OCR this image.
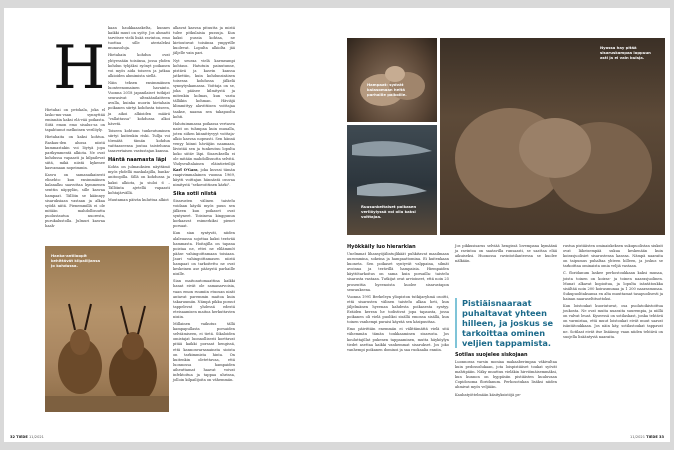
H

Hietahai on petokala, joka el lasko-mu-vaan synnyttää eminnäin kaksi elä-vää poikasta. Siitä emon emo sisalus-sa on tapahtunut melkoinen verilöyly.

Hietahaita on kaksi kohtua. Raskau-den alussa niistä kummastakin voi löytyä jopa parikymmentä alkiota. Ne ovat kohdussa vapaasti ja kilpailevat siitä, mikä niistä kykenee kasvamaan nopeimmin.

Kasvu on samanaikaisesti elinehto: kun ensimmäinen kalanalku saavuttaa kymmenen senttin näppylän, sille kasvaa hampaat. Tällöin se käännyy sisaruksiaan vastaan ja alkaa syödä niitä. Pienemmillä ei ole mitään mahdollisuutta puolustautua nuoresta, purukalustolla. Julmuri kasvaa haah-

kaan haukkaaaskelta, kunnes kaikki muut on syöty. Jos ahmatti tarvitsee vielä lisää ravintoa, emo tuottaa sille aterialeksi munasoluja.

Hietahain kohdun ovat yhtyessään toisiinsa, jossa yhden kohdun tyhjäksi syönyt poikanen voi myös aida toiseen ja jatkaa alkioiden ahmimista siellä.

Näin teksen ensimmäinen luonteenomainen havainto. Vuonna 2018 japanilaiset tutkijat seurasivat ultraäänilaitteen avulla, kuinka nuorin hietahain poikanen siirtyi kohdusta toiseen, ja aikoi alkioiden määrä "vallattassa" kohdussa alkoi hävetä.

Toiseen kohtuun tunkeutuminen siirtyi kuitenkin riski. Tullja voi törmätä tämän kohdun vaittaaseensa joutua taistelunsa tasavertaisen vastustajan kanssa.

Häntä naamasta läpi

Kohta on julmauksien näyttämö myös yhdellä maskalajilla, banka-anitoopilla. Sillä on kohdussa ja kaksi alkiota, ja siuloi 6 – Tällöinta ajetellä vapaasti kohtajärvällä.

Muutaman päivän kuluttua alkiot

alkavat kasvaa pituutta ja mistä tulee pitkulaisia pussuja. Kun kaksi pussia kohtaa, ne kietoutuvat toisiinsa ympyrille kuolevat. Lopulta alkiolta jää jäljelle vain pari.

Nyt seuraa vielä karmeampi kohtaus. Hatutuin painutunne, pistävä ja kasvin kanssa jatkettiin, kuin kohdunsisäisen toisessa kohdussa jälkelä synnytyskamassa. Voittaja on se, joka pääsee kilmitystä ja mitenkin kolmas, kun vasta tälläkin kohman. Häviäjä klimmittyy alavittiisen voittajaa taakse, naama sen takapuolta kohti.

Halutuimmassa poikassa vertasva naist on tuhmpaa kuin muualla, joten siihen kiinnittyvyyt voittaja-alkio kasvaa nopeasti. Sen hännä venyy kiinni häviäjän naamaan, lävistää sen ja tunkeutuu lopulta koko siitäv läpi. Sisaruksella ei ole mitään mahdollisuutta selvitä. Yhdysvaltalainen eläintieteilijä Karl O'Gara, joka kuvasi tämän raapivimmalainen vuonna 1969, käytti voittajan hännästä osuvaa nimitystä "sekovoittinen kärki".

Sika sotii niistä

Sisarusten välinen taistelu voidaan käydä myös puun sen jälkeen kun poikaset ovat syntyneet. Toisinesa kinggunun korkaavat esimerkiksi pienet porsaat.

Kun sian syntyvät, niiden alaleuassa sojottaa kaksi terävää hammasta. Hoitajilla on tapana poistaa ne, ettei ne elilämmöt pääse vahingoittamaan toisiaan. Jauri vahingoittamasen niistä hampaat on tarkoitettu ne ovat keskeinen ase pääsystä parhaille nisille.

Sian maitoautomaattina kaikki hanat eivät ole samanarvoisia, vaan emon ruumiin etuosan nisät antavat paremmin maitoa kuin takaruumiin. Nämpä pikku possut tappelevat yhdessä edestä eteisaamisen maitoa herkuttavien nisiin.

Millainen vaikutus tällä kampapullasta porsaiden selviämiseen, ei tietä. Sikaloiden omistajat luonnollisesti koettavat pitää kaikki porsaat hengissä, että kannonvarsanainsta sioista on tarkimmista hinta. On kuitenkin oletettavaa, että luonnossa hampaiden aiheuttamat haavat voivat infektoitua ja tappaa uhrinsa, jolloin kilpailijoita on vähemmän.

Hanka-antiloopit kehittävät kilpailijansa jo kohdussa.
32 TIEDE 11/2021
Hampaat: sydvät kalasomaan heitä parhaille paikoille.
Ruusunkeltaiset poikasen verilöylyssä voi olla kaksi voittajaa.
Nyossa hay pitää sisaruskampaa loppuun asti ja ei vain bulsja.
Hyökkäily luo hierarkian

Unelmmat lihansyöjälintujlikäät puhkitavat maailmaan aurommina, sokeina ja hampaattomina. Ei kuitenkaan kuoneta. Sen poikaset syntyvät valppaina, silmät avoinna ja terävillä hampaisia. Hiempaiden käyttötarkoitus on sama kuin porsailla: taistelu sisarusta vastaan. Tutkijat ovat arvioineet, että noin 25 prosenttia hyeenoista kuolee sisarustapon seurauksena.

Vuonna 1991 Berkeleyn yliopiston tutkijaryhmä osoitti, että sisarusten välinen taistelu alkaa heti, kun jäljelmänen hyeenan kahdesta poikasesta syntyy. Eräiden kerran he todistivat jopa tapausta, jossa poikanen oli vielä puoliksi sisällä emonsa sisällä, kun toinen vanhempi puraisi käyrää sen käsipuuttaa.

Emo päivittäin enemmän ei välittämättä vielä sitä vähemmän tämän toukkaaminen sisarusta. Jos kouluttajillat pukenen tappaaminen, mutta häyköylyn tiedet asettaa kaikki vanhemmat sisarukset. Jos joko vanhempi poikanen dominoi ja saa ruokaalia enniin.

Jos pikkusisarus selviää hengissä lovempana kymääxä ja ravintoa on saatavilla runsaasti, se saattaa elää aikuiseksi. Huonossa ravintotilanteessa se kuolee nälkään.

Pistiäisnaaraat puhaltavat yhteen hilleen, ja joskus se tarkoittaa ominen veljien tappamista.
Sotilas suojelee siskojaan

Luonnossa varsin moniaa makaaberimpaa väkivaltaa kuin pedosuslukaan, jota loispistiäiset toukat syövät mahtipäiin. Näky muuttuu vieläkin hirviömäisemmäksi, kun kunnon on hyppäsiin pistiäisten kuuluvaan Copidosoma floridanum. Perhosotukan lisäksi niiden ahmivat myös veljiään.

Kaubatyöttelmään käsityksistöjä pe-

rustua pistiäisten ominaiskeksen sukupuolistan siuksit ovat läheisempää sukua keskenään kuin koirasjuolisiet sisarustensa kanssa. Nämpä naaraita on taipumus puhaltaa yhteen hilleen, ja joskus se tarkoittaa ominaista omia veljiä vastaan.

C. floridanum laskee perhostoukkaan kaksi munaa, joista toinen on koiras- ja toinen naarasjuolinen. Munat alkavat kopioitua, ja lopulta isäntätoukka sisältää noin 200 koirasmunaa ja 1 200 naarasmunaa. Sukupuolitaksansa en alta muuttamat tasapuolisesti ja hainan naaraseltitsottoksi.

Kun loistoukat kuoriutuvat, osa puolatoikistoittua joukosta. Ne ovat muita nuaraita suurempia, ja niillä on valvat leuat. Kyseessä on sotilaskast, jonka tehtävä on varmistaa, että muut loistoukat eivät muut saavat isäntätoukkaan. Jos näin käy, sotilastoukat tappavat ne. Sotilaat eivät itse lisäänny, vaan niiden tehtävä on suojella lisääntyviä naaraita.

11/2021 TIEDE 33
